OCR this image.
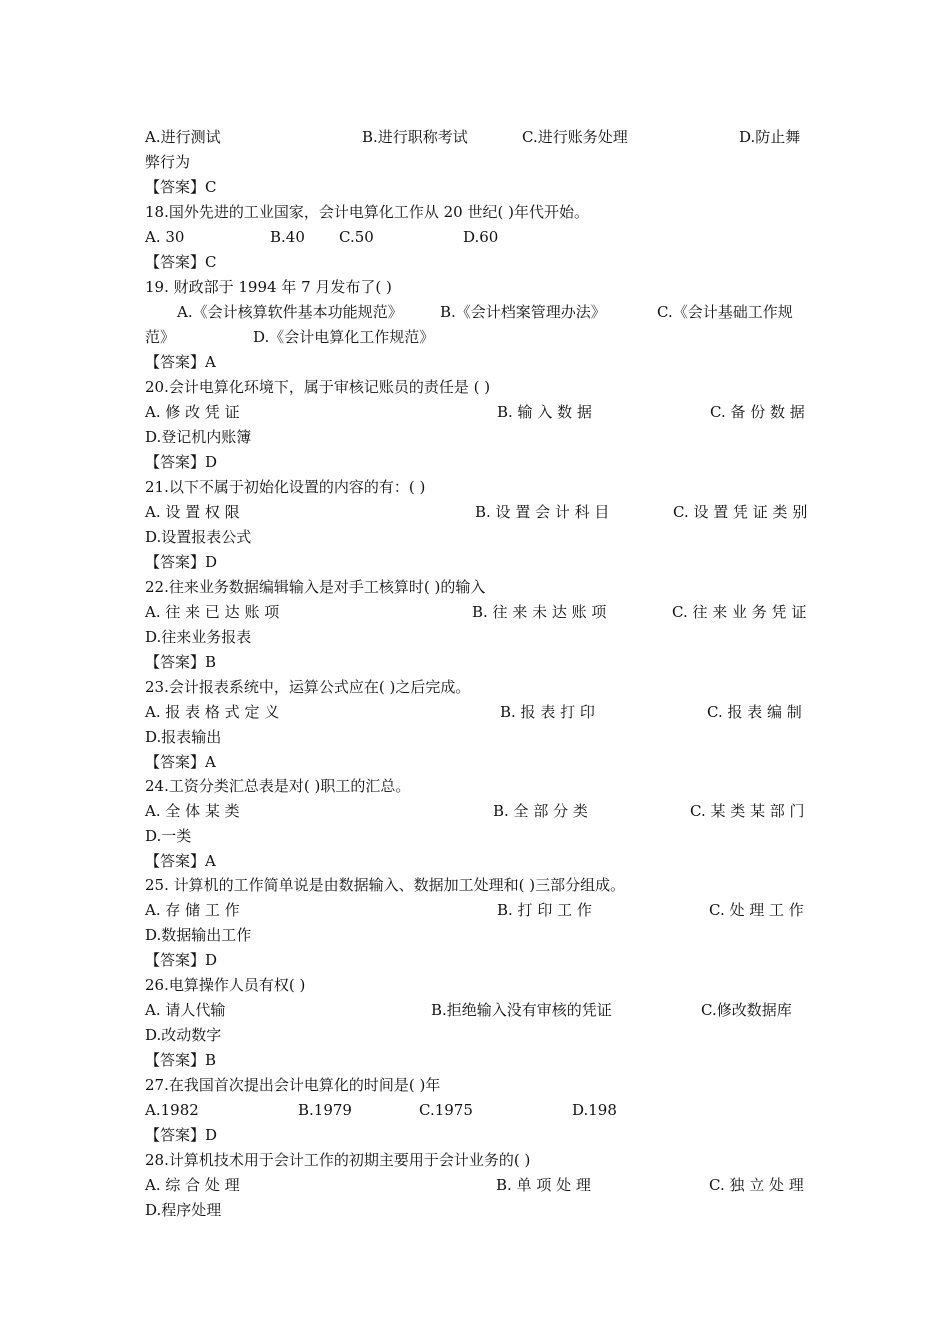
A.进行测试	B.进行职称考试	C.进行账务处理	D.防止舞
弊行为
【答案】C
18.国外先进的工业国家，会计电算化工作从 20 世纪( )年代开始。
A. 30	B.40 C.50	D.60
【答案】C
19. 财政部于 1994 年 7 月发布了( )
A.《会计核算软件基本功能规范》 B.《会计档案管理办法》	C.《会计基础工作规
范》	D.《会计电算化工作规范》
【答案】A
20.会计电算化环境下，属于审核记账员的责任是 ( )
A. 修 改 凭 证	B. 输 入 数 据	C. 备 份 数 据
D.登记机内账簿
【答案】D
21.以下不属于初始化设置的内容的有：( )
A. 设 置 权 限	B. 设 置 会 计 科 目	C. 设 置 凭 证 类 别
D.设置报表公式
【答案】D
22.往来业务数据编辑输入是对手工核算时( )的输入
A. 往 来 已 达 账 项	B. 往 来 未 达 账 项	C. 往 来 业 务 凭 证
D.往来业务报表
【答案】B
23.会计报表系统中，运算公式应在( )之后完成。
A. 报 表 格 式 定 义	B. 报 表 打 印	C. 报 表 编 制
D.报表输出
【答案】A
24.工资分类汇总表是对( )职工的汇总。
A. 全 体 某 类	B. 全 部 分 类	C. 某 类 某 部 门
D.一类
【答案】A
25. 计算机的工作简单说是由数据输入、数据加工处理和( )三部分组成。
A. 存 储 工 作	B. 打 印 工 作	C. 处 理 工 作
D.数据输出工作
【答案】D
26.电算操作人员有权( )
A. 请人代输	B.拒绝输入没有审核的凭证	C.修改数据库
D.改动数字
【答案】B
27.在我国首次提出会计电算化的时间是( )年
A.1982	B.1979	C.1975	D.198
【答案】D
28.计算机技术用于会计工作的初期主要用于会计业务的( )
A. 综 合 处 理	B. 单 项 处 理	C. 独 立 处 理
D.程序处理
